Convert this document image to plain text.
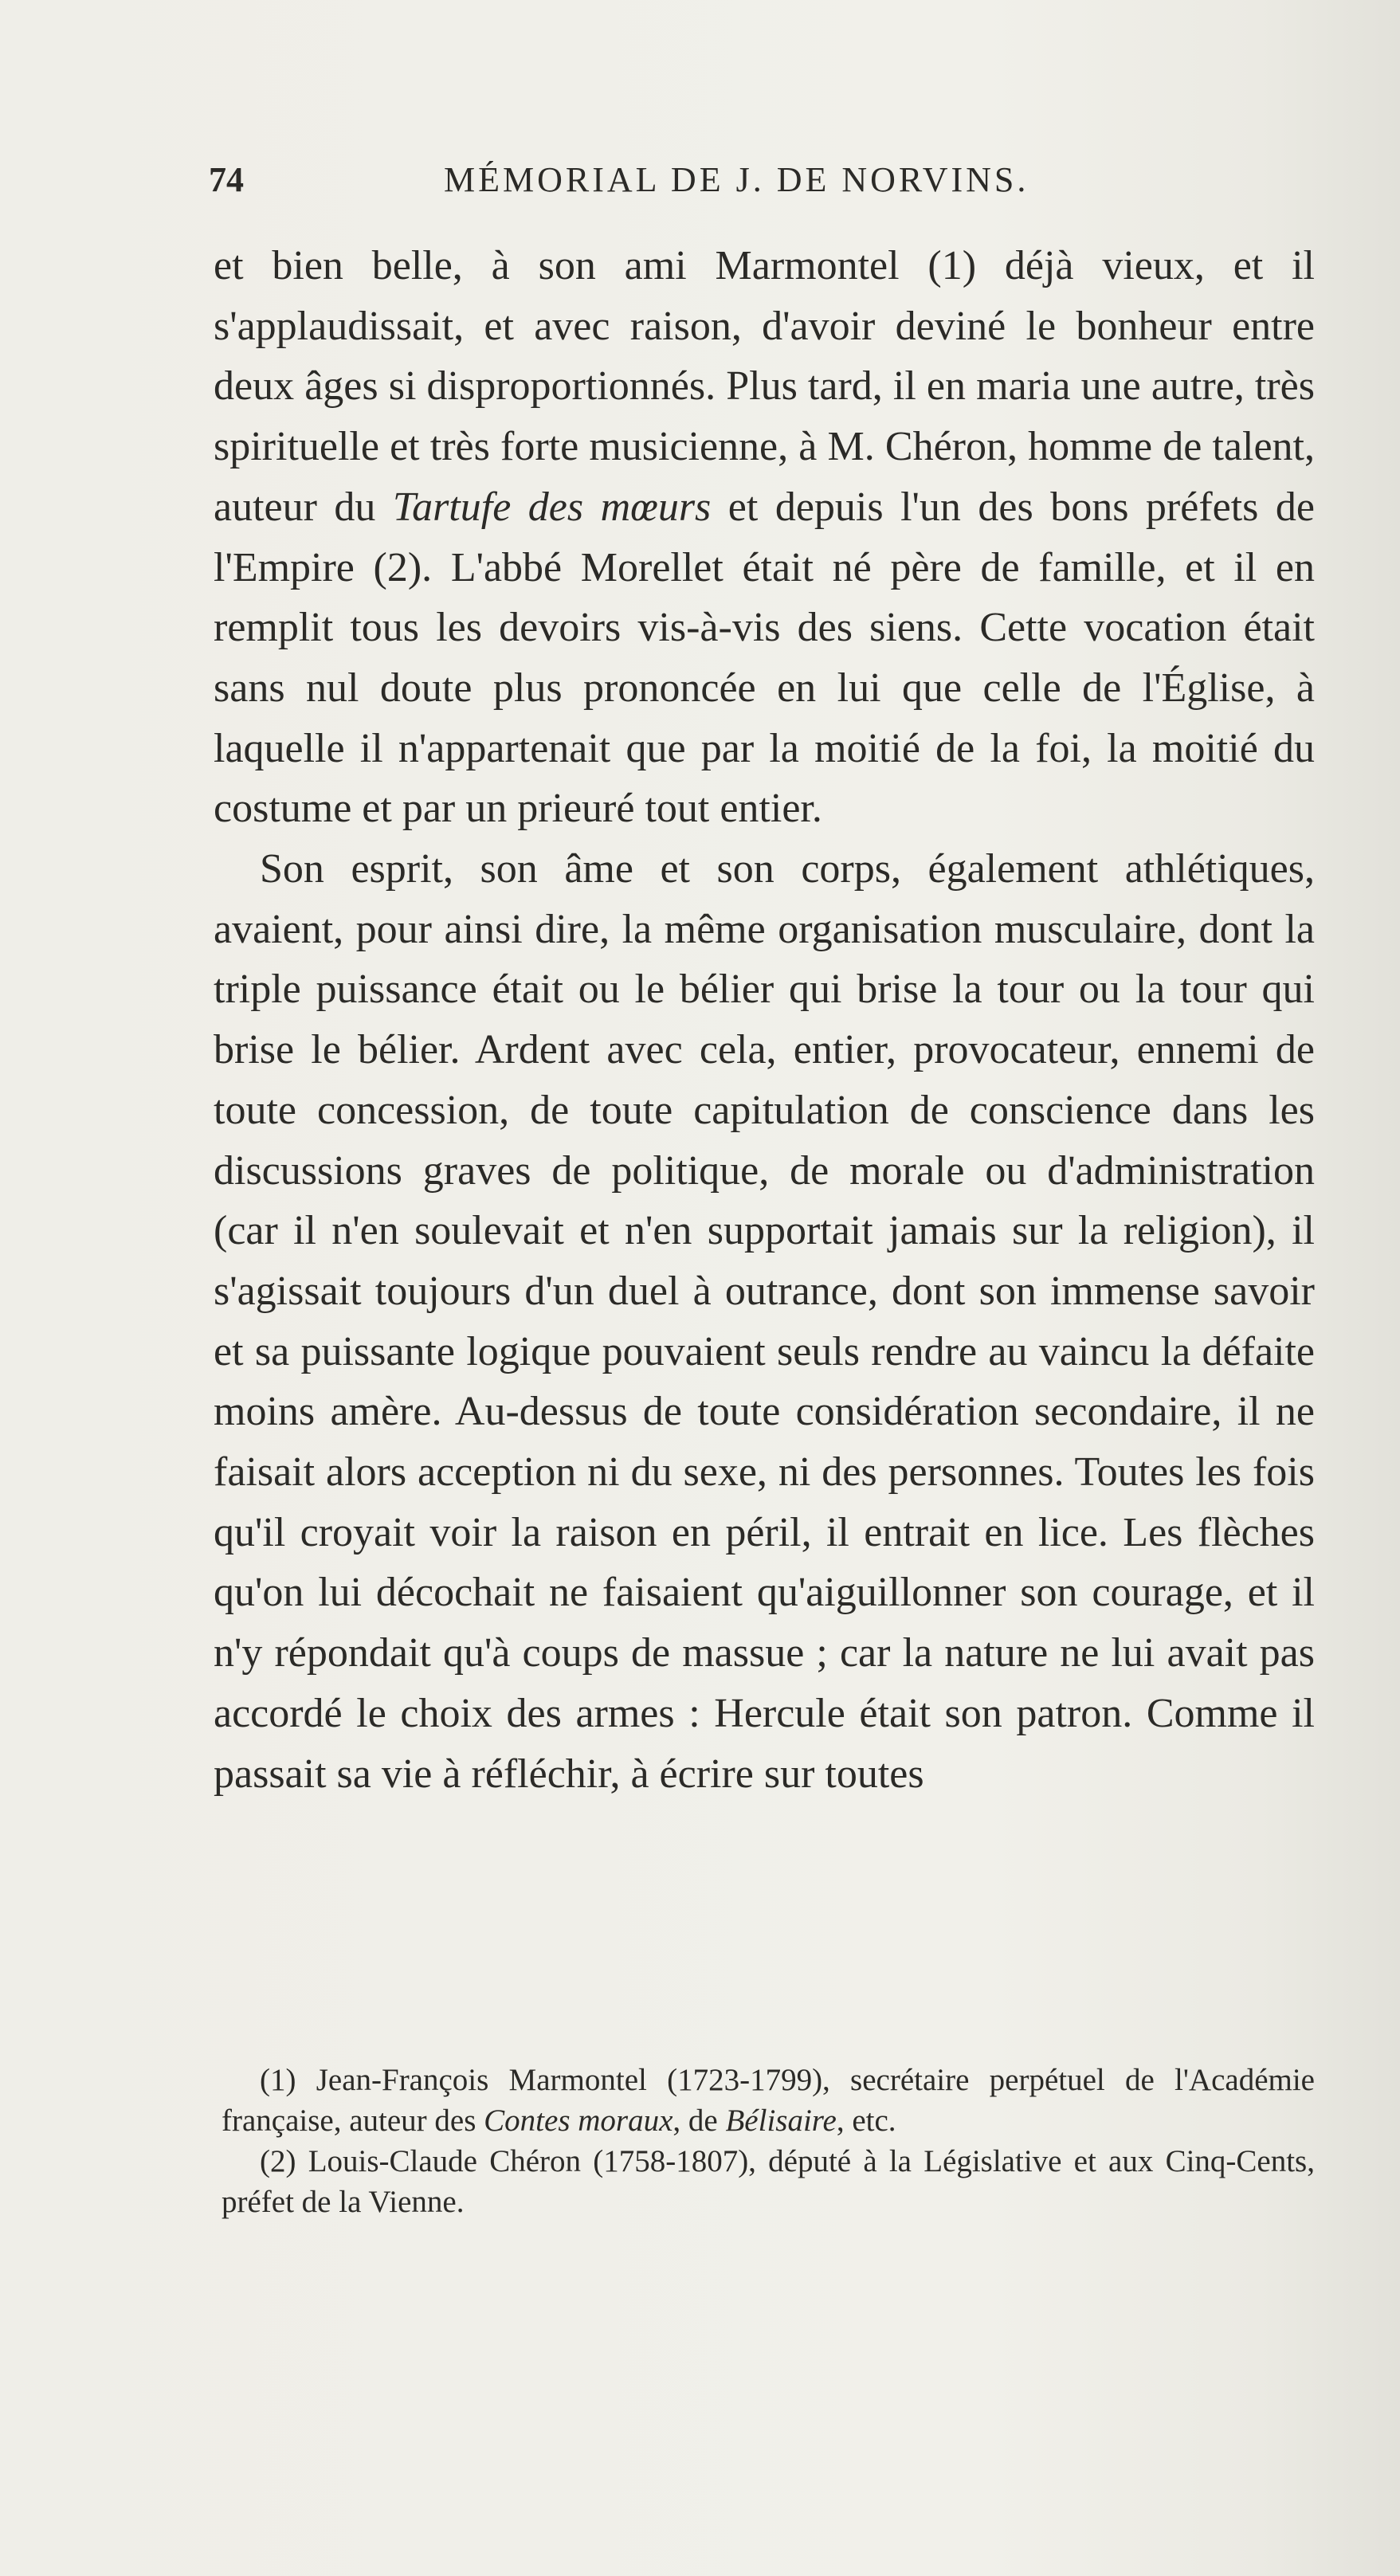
74	MÉMORIAL DE J. DE NORVINS.

et bien belle, à son ami Marmontel (1) déjà vieux, et il s'applaudissait, et avec raison, d'avoir deviné le bonheur entre deux âges si disproportionnés. Plus tard, il en maria une autre, très spirituelle et très forte musicienne, à M. Chéron, homme de talent, auteur du Tartufe des mœurs et depuis l'un des bons préfets de l'Empire (2). L'abbé Morellet était né père de famille, et il en remplit tous les devoirs vis-à-vis des siens. Cette vocation était sans nul doute plus prononcée en lui que celle de l'Église, à laquelle il n'appartenait que par la moitié de la foi, la moitié du costume et par un prieuré tout entier.

Son esprit, son âme et son corps, également athlétiques, avaient, pour ainsi dire, la même organisation musculaire, dont la triple puissance était ou le bélier qui brise la tour ou la tour qui brise le bélier. Ardent avec cela, entier, provocateur, ennemi de toute concession, de toute capitulation de conscience dans les discussions graves de politique, de morale ou d'administration (car il n'en soulevait et n'en supportait jamais sur la religion), il s'agissait toujours d'un duel à outrance, dont son immense savoir et sa puissante logique pouvaient seuls rendre au vaincu la défaite moins amère. Au-dessus de toute considération secondaire, il ne faisait alors acception ni du sexe, ni des personnes. Toutes les fois qu'il croyait voir la raison en péril, il entrait en lice. Les flèches qu'on lui décochait ne faisaient qu'aiguillonner son courage, et il n'y répondait qu'à coups de massue ; car la nature ne lui avait pas accordé le choix des armes : Hercule était son patron. Comme il passait sa vie à réfléchir, à écrire sur toutes

(1) Jean-François Marmontel (1723-1799), secrétaire perpétuel de l'Académie française, auteur des Contes moraux, de Bélisaire, etc.

(2) Louis-Claude Chéron (1758-1807), député à la Législative et aux Cinq-Cents, préfet de la Vienne.
